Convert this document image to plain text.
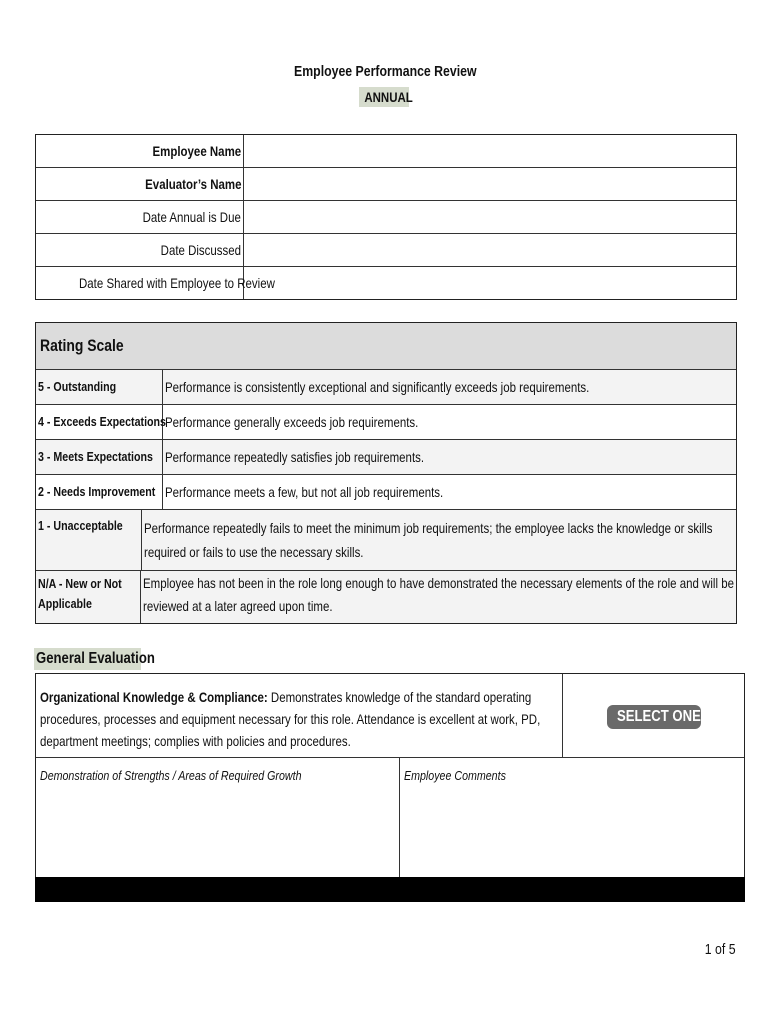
Employee Performance Review
ANNUAL
Employee Name
Evaluator’s Name
Date Annual is Due
Date Discussed
Date Shared with Employee to Review
Rating Scale
5 - Outstanding	Performance is consistently exceptional and significantly exceeds job requirements.
4 - Exceeds Expectations Performance generally exceeds job requirements.
3 - Meets Expectations Performance repeatedly satisfies job requirements.
2 - Needs Improvement Performance meets a few, but not all job requirements.
1 - Unacceptable	Performance repeatedly fails to meet the minimum job requirements; the employee lacks the knowledge or skills
required or fails to use the necessary skills.
N/A - New or Not
Applicable
Employee has not been in the role long enough to have demonstrated the necessary elements of the role and will be
reviewed at a later agreed upon time.
General Evaluation
Organizational Knowledge & Compliance: Demonstrates knowledge of the standard operating
procedures, processes and equipment necessary for this role. Attendance is excellent at work, PD,
department meetings; complies with policies and procedures.
SELECT ONE ▾
Demonstration of Strengths / Areas of Required Growth	Employee Comments
1 of 5
